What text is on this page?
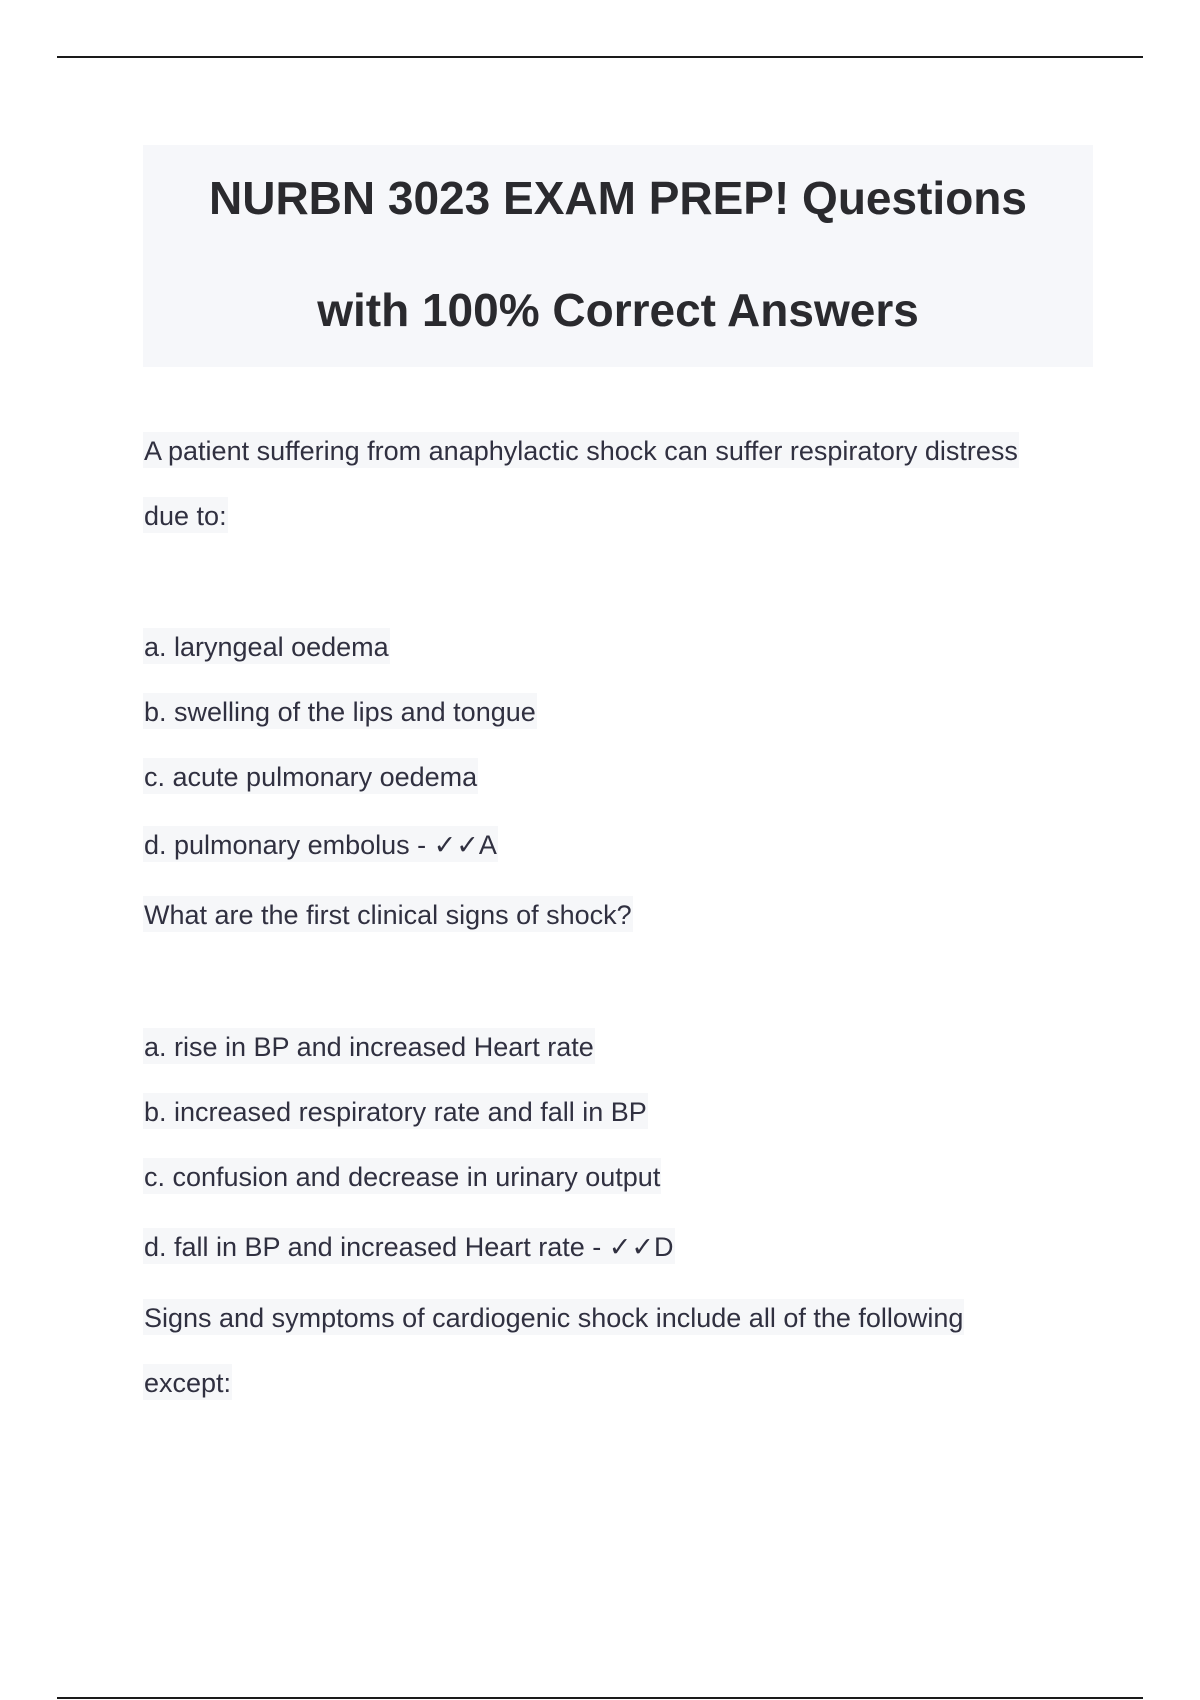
NURBN 3023 EXAM PREP! Questions
with 100% Correct Answers
A patient suffering from anaphylactic shock can suffer respiratory distress
due to:
a. laryngeal oedema
b. swelling of the lips and tongue
c. acute pulmonary oedema
d. pulmonary embolus - ✓✓A
What are the first clinical signs of shock?
a. rise in BP and increased Heart rate
b. increased respiratory rate and fall in BP
c. confusion and decrease in urinary output
d. fall in BP and increased Heart rate - ✓✓D
Signs and symptoms of cardiogenic shock include all of the following
except:
